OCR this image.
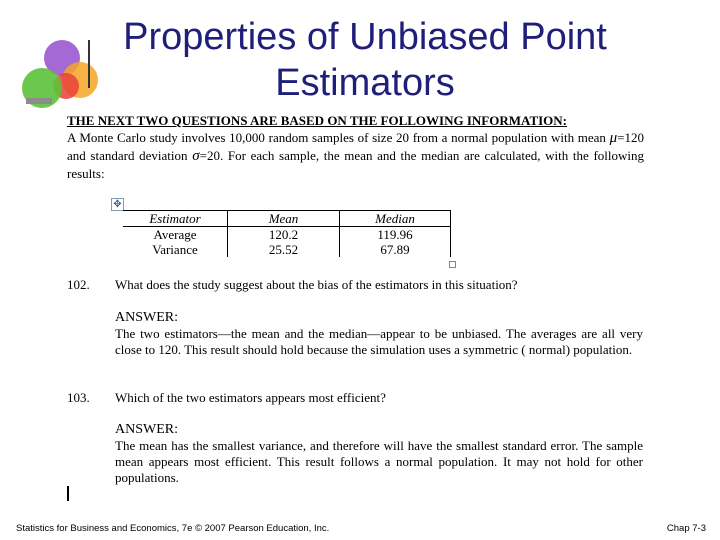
Properties of Unbiased Point
Estimators
THE NEXT TWO QUESTIONS ARE BASED ON THE FOLLOWING INFORMATION:
A Monte Carlo study involves 10,000 random samples of size 20 from a normal population with mean μ=120 and standard deviation σ=20. For each sample, the mean and the median are calculated, with the following results:
✥
Estimator	Mean	Median
Average	120.2	119.96
Variance	25.52	67.89
102. What does the study suggest about the bias of the estimators in this situation?
ANSWER:
The two estimators—the mean and the median—appear to be unbiased. The averages are all very close to 120. This result should hold because the simulation uses a symmetric ( normal) population.
103. Which of the two estimators appears most efficient?
ANSWER:
The mean has the smallest variance, and therefore will have the smallest standard error. The sample mean appears most efficient. This result follows a normal population. It may not hold for other populations.
Statistics for Business and Economics, 7e © 2007 Pearson Education, Inc.	Chap 7-3
